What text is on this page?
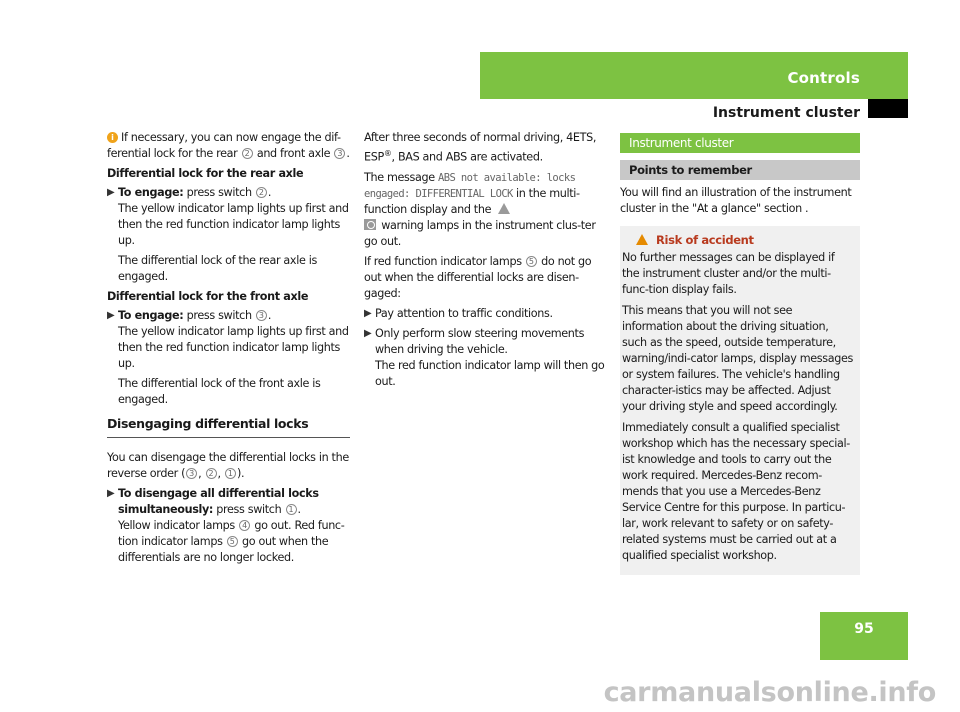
Controls
Instrument cluster
i If necessary, you can now engage the dif-ferential lock for the rear 2 and front axle 3 .
Differential lock for the rear axle
▶ To engage: press switch 2 .
The yellow indicator lamp lights up first and then the red function indicator lamp lights up.
The differential lock of the rear axle is engaged.
Differential lock for the front axle
▶ To engage: press switch 3 .
The yellow indicator lamp lights up first and then the red function indicator lamp lights up.
The differential lock of the front axle is engaged.
Disengaging differential locks
You can disengage the differential locks in the reverse order ( 3 , 2 , 1 ).
▶ To disengage all differential locks simultaneously: press switch 1 .
Yellow indicator lamps 4 go out. Red func-tion indicator lamps 5 go out when the differentials are no longer locked.
After three seconds of normal driving, 4ETS, ESP®, BAS and ABS are activated.
The message ABS not available: locks engaged: DIFFERENTIAL LOCK in the multi-function display and the
warning lamps in the instrument clus-ter go out.
If red function indicator lamps 5 do not go out when the differential locks are disen-gaged:
▶ Pay attention to traffic conditions.
▶ Only perform slow steering movements when driving the vehicle.
The red function indicator lamp will then go out.
Instrument cluster
Points to remember
You will find an illustration of the instrument cluster in the "At a glance" section .
Risk of accident
No further messages can be displayed if the instrument cluster and/or the multi-func-tion display fails.
This means that you will not see information about the driving situation, such as the speed, outside temperature, warning/indi-cator lamps, display messages or system failures. The vehicle's handling character-istics may be affected. Adjust your driving style and speed accordingly.
Immediately consult a qualified specialist workshop which has the necessary special-ist knowledge and tools to carry out the work required. Mercedes-Benz recom-mends that you use a Mercedes-Benz Service Centre for this purpose. In particu-lar, work relevant to safety or on safety-related systems must be carried out at a qualified specialist workshop.
95
carmanualsonline.info
